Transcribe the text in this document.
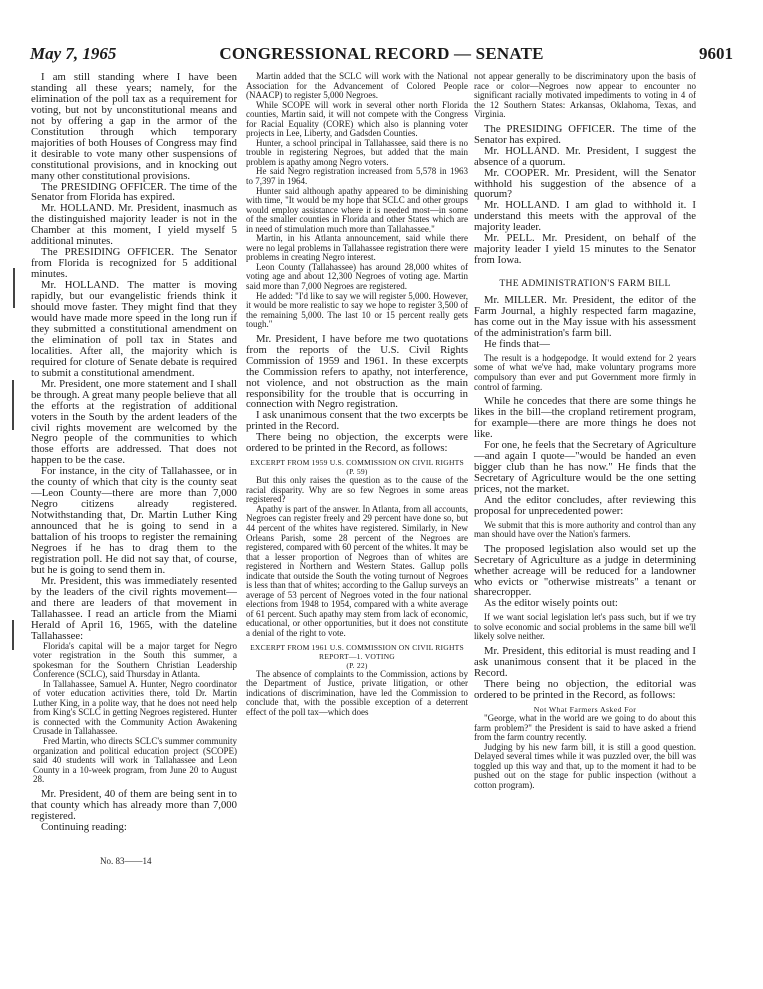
May 7, 1965	CONGRESSIONAL RECORD — SENATE	9601

I am still standing where I have been standing all these years; namely, for the elimination of the poll tax as a requirement for voting, but not by unconstitutional means and not by offering a gap in the armor of the Constitution through which temporary majorities of both Houses of Congress may find it desirable to vote many other suspensions of constitutional provisions, and in knocking out many other constitutional provisions.

The PRESIDING OFFICER. The time of the Senator from Florida has expired.

Mr. HOLLAND. Mr. President, inasmuch as the distinguished majority leader is not in the Chamber at this moment, I yield myself 5 additional minutes.

The PRESIDING OFFICER. The Senator from Florida is recognized for 5 additional minutes.

Mr. HOLLAND. The matter is moving rapidly, but our evangelistic friends think it should move faster. They might find that they would have made more speed in the long run if they submitted a constitutional amendment on the elimination of poll tax in States and localities. After all, the majority which is required for cloture of Senate debate is required to submit a constitutional amendment.

Mr. President, one more statement and I shall be through. A great many people believe that all the efforts at the registration of additional voters in the South by the ardent leaders of the civil rights movement are welcomed by the Negro people of the communities to which those efforts are addressed. That does not happen to be the case.

For instance, in the city of Tallahassee, or in the county of which that city is the county seat—Leon County—there are more than 7,000 Negro citizens already registered. Notwithstanding that, Dr. Martin Luther King announced that he is going to send in a battalion of his troops to register the remaining Negroes if he has to drag them to the registration poll. He did not say that, of course, but he is going to send them in.

Mr. President, this was immediately resented by the leaders of the civil rights movement—and there are leaders of that movement in Tallahassee. I read an article from the Miami Herald of April 16, 1965, with the dateline Tallahassee:

Florida's capital will be a major target for Negro voter registration in the South this summer, a spokesman for the Southern Christian Leadership Conference (SCLC), said Thursday in Atlanta.

In Tallahassee, Samuel A. Hunter, Negro coordinator of voter education activities there, told Dr. Martin Luther King, in a polite way, that he does not need help from King's SCLC in getting Negroes registered. Hunter is connected with the Community Action Awakening Crusade in Tallahassee.

Fred Martin, who directs SCLC's summer community organization and political education project (SCOPE) said 40 students will work in Tallahassee and Leon County in a 10-week program, from June 20 to August 28.

Mr. President, 40 of them are being sent in to that county which has already more than 7,000 registered.

Continuing reading:

No. 83——14

Martin added that the SCLC will work with the National Association for the Advancement of Colored People (NAACP) to register 5,000 Negroes.

While SCOPE will work in several other north Florida counties, Martin said, it will not compete with the Congress for Racial Equality (CORE) which also is planning voter projects in Lee, Liberty, and Gadsden Counties.

Hunter, a school principal in Tallahassee, said there is no trouble in registering Negroes, but added that the main problem is apathy among Negro voters.

He said Negro registration increased from 5,578 in 1963 to 7,397 in 1964.

Hunter said although apathy appeared to be diminishing with time, "It would be my hope that SCLC and other groups would employ assistance where it is needed most—in some of the smaller counties in Florida and other States which are in need of stimulation much more than Tallahassee."

Martin, in his Atlanta announcement, said while there were no legal problems in Tallahassee registration there were problems in creating Negro interest.

Leon County (Tallahassee) has around 28,000 whites of voting age and about 12,300 Negroes of voting age. Martin said more than 7,000 Negroes are registered.

He added: "I'd like to say we will register 5,000. However, it would be more realistic to say we hope to register 3,500 of the remaining 5,000. The last 10 or 15 percent really gets tough."

Mr. President, I have before me two quotations from the reports of the U.S. Civil Rights Commission of 1959 and 1961. In these excerpts the Commission refers to apathy, not interference, not violence, and not obstruction as the main responsibility for the trouble that is occurring in connection with Negro registration.

I ask unanimous consent that the two excerpts be printed in the Record.

There being no objection, the excerpts were ordered to be printed in the Record, as follows:

EXCERPT FROM 1959 U.S. COMMISSION ON CIVIL RIGHTS

(P. 59)

But this only raises the question as to the cause of the racial disparity. Why are so few Negroes in some areas registered?

Apathy is part of the answer. In Atlanta, from all accounts, Negroes can register freely and 29 percent have done so, but 44 percent of the whites have registered. Similarly, in New Orleans Parish, some 28 percent of the Negroes are registered, compared with 60 percent of the whites. It may be that a lesser proportion of Negroes than of whites are registered in Northern and Western States. Gallup polls indicate that outside the South the voting turnout of Negroes is less than that of whites; according to the Gallup surveys an average of 53 percent of Negroes voted in the four national elections from 1948 to 1954, compared with a white average of 61 percent. Such apathy may stem from lack of economic, educational, or other opportunities, but it does not constitute a denial of the right to vote.

EXCERPT FROM 1961 U.S. COMMISSION ON CIVIL RIGHTS REPORT—1. VOTING

(P. 22)

The absence of complaints to the Commission, actions by the Department of Justice, private litigation, or other indications of discrimination, have led the Commission to conclude that, with the possible exception of a deterrent effect of the poll tax—which does

not appear generally to be discriminatory upon the basis of race or color—Negroes now appear to encounter no significant racially motivated impediments to voting in 4 of the 12 Southern States: Arkansas, Oklahoma, Texas, and Virginia.

The PRESIDING OFFICER. The time of the Senator has expired.

Mr. HOLLAND. Mr. President, I suggest the absence of a quorum.

Mr. COOPER. Mr. President, will the Senator withhold his suggestion of the absence of a quorum?

Mr. HOLLAND. I am glad to withhold it. I understand this meets with the approval of the majority leader.

Mr. PELL. Mr. President, on behalf of the majority leader I yield 15 minutes to the Senator from Iowa.

THE ADMINISTRATION'S FARM BILL

Mr. MILLER. Mr. President, the editor of the Farm Journal, a highly respected farm magazine, has come out in the May issue with his assessment of the administration's farm bill.

He finds that—

The result is a hodgepodge. It would extend for 2 years some of what we've had, make voluntary programs more compulsory than ever and put Government more firmly in control of farming.

While he concedes that there are some things he likes in the bill—the cropland retirement program, for example—there are more things he does not like.

For one, he feels that the Secretary of Agriculture—and again I quote—"would be handed an even bigger club than he has now." He finds that the Secretary of Agriculture would be the one setting prices, not the market.

And the editor concludes, after reviewing this proposal for unprecedented power:

We submit that this is more authority and control than any man should have over the Nation's farmers.

The proposed legislation also would set up the Secretary of Agriculture as a judge in determining whether acreage will be reduced for a landowner who evicts or "otherwise mistreats" a tenant or sharecropper.

As the editor wisely points out:

If we want social legislation let's pass such, but if we try to solve economic and social problems in the same bill we'll likely solve neither.

Mr. President, this editorial is must reading and I ask unanimous consent that it be placed in the Record.

There being no objection, the editorial was ordered to be printed in the Record, as follows:

Not What Farmers Asked For

"George, what in the world are we going to do about this farm problem?" the President is said to have asked a friend from the farm country recently.

Judging by his new farm bill, it is still a good question. Delayed several times while it was puzzled over, the bill was toggled up this way and that, up to the moment it had to be pushed out on the stage for public inspection (without a cotton program).
